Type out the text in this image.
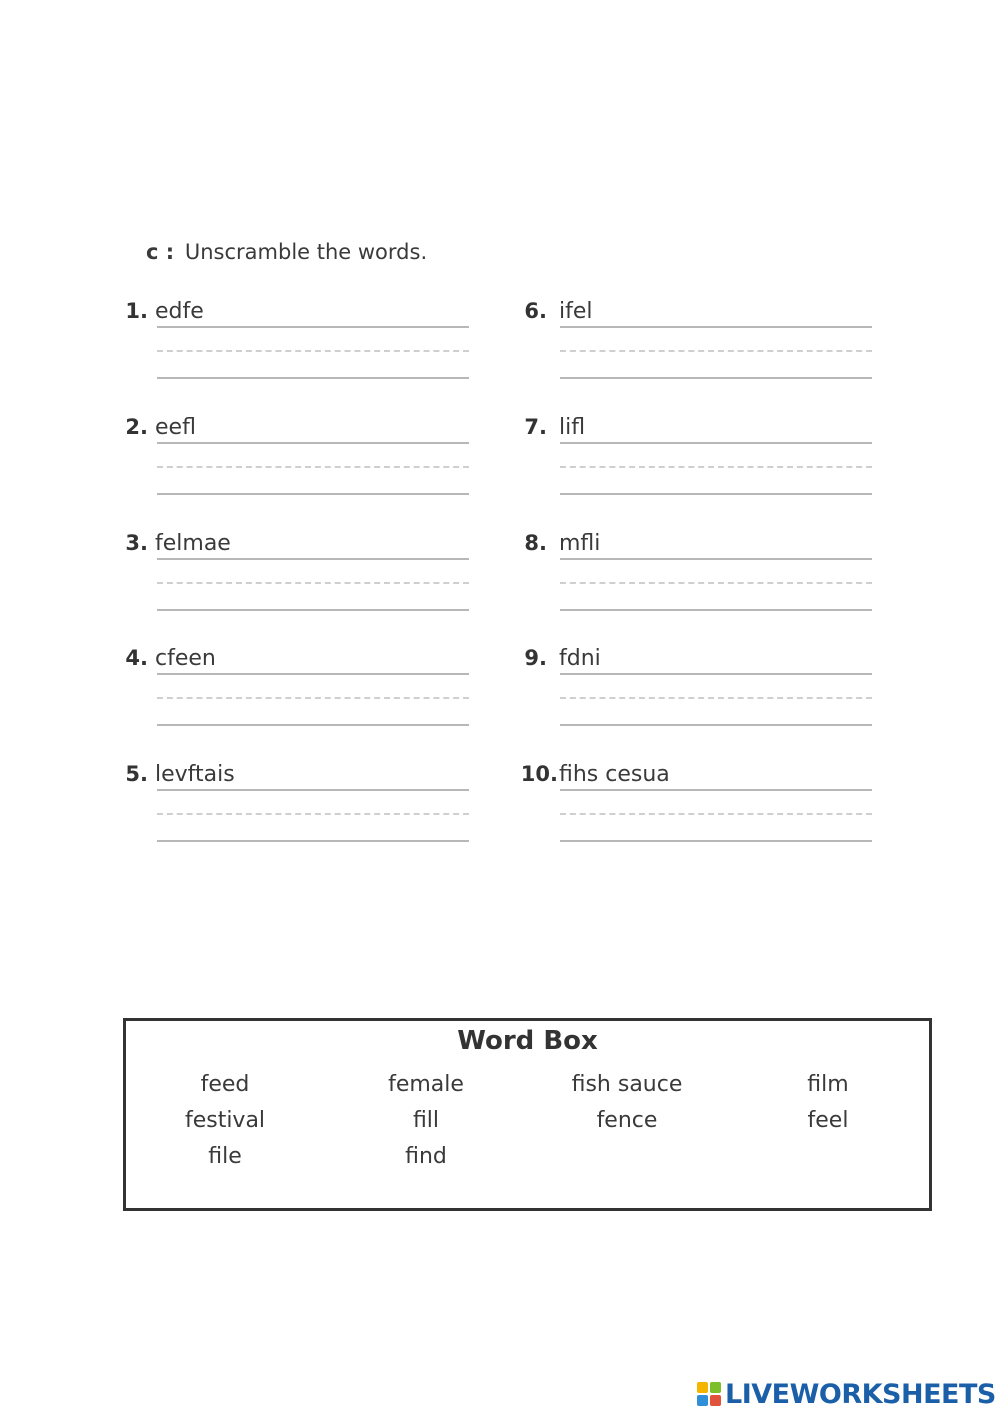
c : Unscramble the words.
1. edfe
2. eefl
3. felmae
4. cfeen
5. levftais
6. ifel
7. lifl
8. mfli
9. fdni
10. fihs cesua
Word Box
feed	female	fish sauce	film
festival	fill	fence	feel
file	find
LIVEWORKSHEETS
